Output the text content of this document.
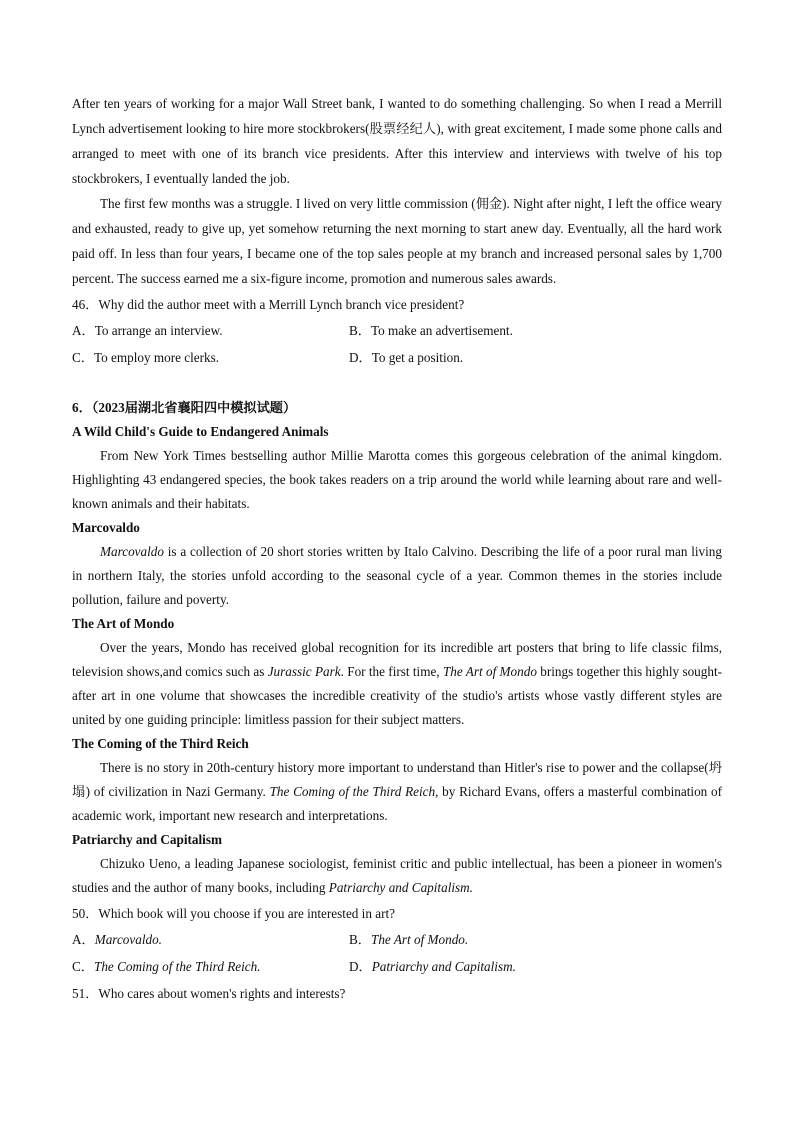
After ten years of working for a major Wall Street bank, I wanted to do something challenging. So when I read a Merrill Lynch advertisement looking to hire more stockbrokers(股票经纪人), with great excitement, I made some phone calls and arranged to meet with one of its branch vice presidents. After this interview and interviews with twelve of his top stockbrokers, I eventually landed the job.

The first few months was a struggle. I lived on very little commission (佣金). Night after night, I left the office weary and exhausted, ready to give up, yet somehow returning the next morning to start anew day. Eventually, all the hard work paid off. In less than four years, I became one of the top sales people at my branch and increased personal sales by 1,700 percent. The success earned me a six-figure income, promotion and numerous sales awards.

46．Why did the author meet with a Merrill Lynch branch vice president?

A．To arrange an interview.	B．To make an advertisement.
C．To employ more clerks.	D．To get a position.

6．（2023届湖北省襄阳四中模拟试题）

A Wild Child's Guide to Endangered Animals

From New York Times bestselling author Millie Marotta comes this gorgeous celebration of the animal kingdom. Highlighting 43 endangered species, the book takes readers on a trip around the world while learning about rare and well-known animals and their habitats.

Marcovaldo

Marcovaldo is a collection of 20 short stories written by Italo Calvino. Describing the life of a poor rural man living in northern Italy, the stories unfold according to the seasonal cycle of a year. Common themes in the stories include pollution, failure and poverty.

The Art of Mondo

Over the years, Mondo has received global recognition for its incredible art posters that bring to life classic films, television shows,and comics such as Jurassic Park. For the first time, The Art of Mondo brings together this highly sought-after art in one volume that showcases the incredible creativity of the studio's artists whose vastly different styles are united by one guiding principle: limitless passion for their subject matters.

The Coming of the Third Reich

There is no story in 20th-century history more important to understand than Hitler's rise to power and the collapse(坍塌) of civilization in Nazi Germany. The Coming of the Third Reich, by Richard Evans, offers a masterful combination of academic work, important new research and interpretations.

Patriarchy and Capitalism

Chizuko Ueno, a leading Japanese sociologist, feminist critic and public intellectual, has been a pioneer in women's studies and the author of many books, including Patriarchy and Capitalism.

50．Which book will you choose if you are interested in art?

A．Marcovaldo.	B．The Art of Mondo.
C．The Coming of the Third Reich.	D．Patriarchy and Capitalism.

51．Who cares about women's rights and interests?
